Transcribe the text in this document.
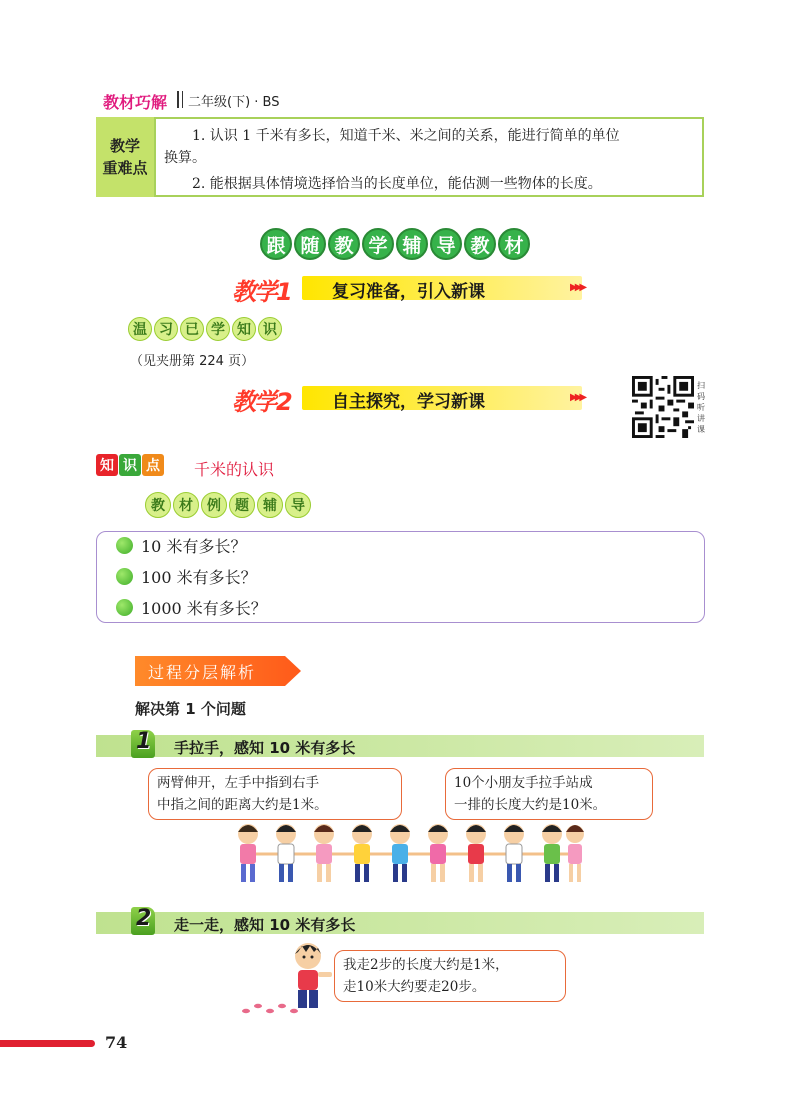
教材巧解 二年级(下) · BS
教学
重难点
1. 认识 1 千米有多长，知道千米、米之间的关系，能进行简单的单位
换算。
2. 能根据具体情境选择恰当的长度单位，能估测一些物体的长度。
跟 随 教 学 辅 导 教 材
教学1 复习准备，引入新课	▶▶▶
温 习 已 学 知 识
（见夹册第 224 页）
教学2 自主探究，学习新课	▶▶▶
扫码听讲课
知 识 点 千米的认识
教	材	例	题	辅	导
10 米有多长？
100 米有多长？
1000 米有多长？
过程分层解析
解决第 1 个问题
1	手拉手，感知 10 米有多长
两臂伸开，左手中指到右手
中指之间的距离大约是1米。
10个小朋友手拉手站成
一排的长度大约是10米。
2	走一走，感知 10 米有多长
我走2步的长度大约是1米，
走10米大约要走20步。
74
